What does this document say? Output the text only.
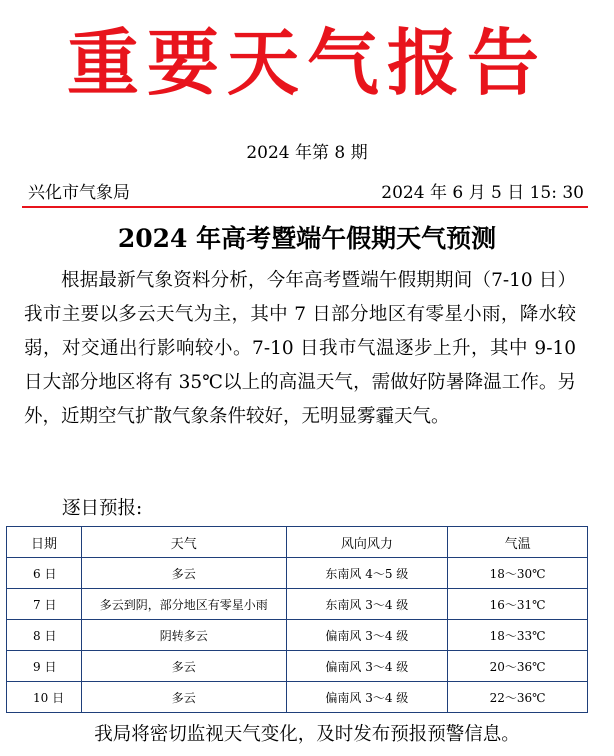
重要天气报告
2024 年第 8 期
兴化市气象局	2024 年 6 月 5 日 15: 30
2024 年高考暨端午假期天气预测

根据最新气象资料分析，今年高考暨端午假期期间（7-10 日）我市主要以多云天气为主，其中 7 日部分地区有零星小雨，降水较弱，对交通出行影响较小。7-10 日我市气温逐步上升，其中 9-10 日大部分地区将有 35℃以上的高温天气，需做好防暑降温工作。另外，近期空气扩散气象条件较好，无明显雾霾天气。

逐日预报:
日期	天气	风向风力	气温
6 日	多云	东南风 4～5 级	18～30℃
7 日	多云到阴，部分地区有零星小雨	东南风 3～4 级	16～31℃
8 日	阴转多云	偏南风 3～4 级	18～33℃
9 日	多云	偏南风 3～4 级	20～36℃
10 日	多云	偏南风 3～4 级	22～36℃
我局将密切监视天气变化，及时发布预报预警信息。
